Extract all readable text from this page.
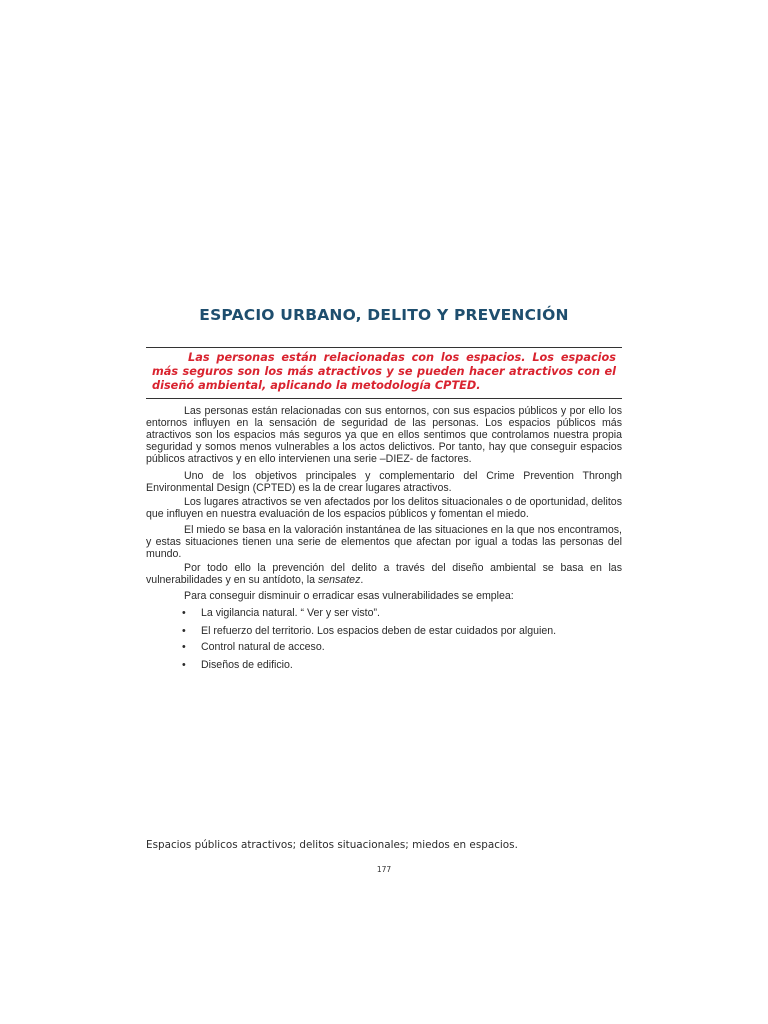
ESPACIO URBANO, DELITO Y PREVENCIÓN

Las personas están relacionadas con los espacios. Los espacios más seguros son los más atractivos y se pueden hacer atractivos con el diseñó ambiental, aplicando la metodología CPTED.

Las personas están relacionadas con sus entornos, con sus espacios públicos y por ello los entornos influyen en la sensación de seguridad de las personas. Los espacios públicos más atractivos son los espacios más seguros ya que en ellos sentimos que controlamos nuestra propia seguridad y somos menos vulnerables a los actos delictivos. Por tanto, hay que conseguir espacios públicos atractivos y en ello intervienen una serie –DIEZ- de factores.

Uno de los objetivos principales y complementario del Crime Prevention Throngh Environmental Design (CPTED) es la de crear lugares atractivos.

Los lugares atractivos se ven afectados por los delitos situacionales o de oportunidad, delitos que influyen en nuestra evaluación de los espacios públicos y fomentan el miedo.

El miedo se basa en la valoración instantánea de las situaciones en la que nos encontramos, y estas situaciones tienen una serie de elementos que afectan por igual a todas las personas del mundo.

Por todo ello la prevención del delito a través del diseño ambiental se basa en las vulnerabilidades y en su antídoto, la sensatez.

Para conseguir disminuir o erradicar esas vulnerabilidades se emplea:

• La vigilancia natural. “ Ver y ser visto”.
• El refuerzo del territorio. Los espacios deben de estar cuidados por alguien.
• Control natural de acceso.
• Diseños de edificio.
Espacios públicos atractivos; delitos situacionales; miedos en espacios.
177
